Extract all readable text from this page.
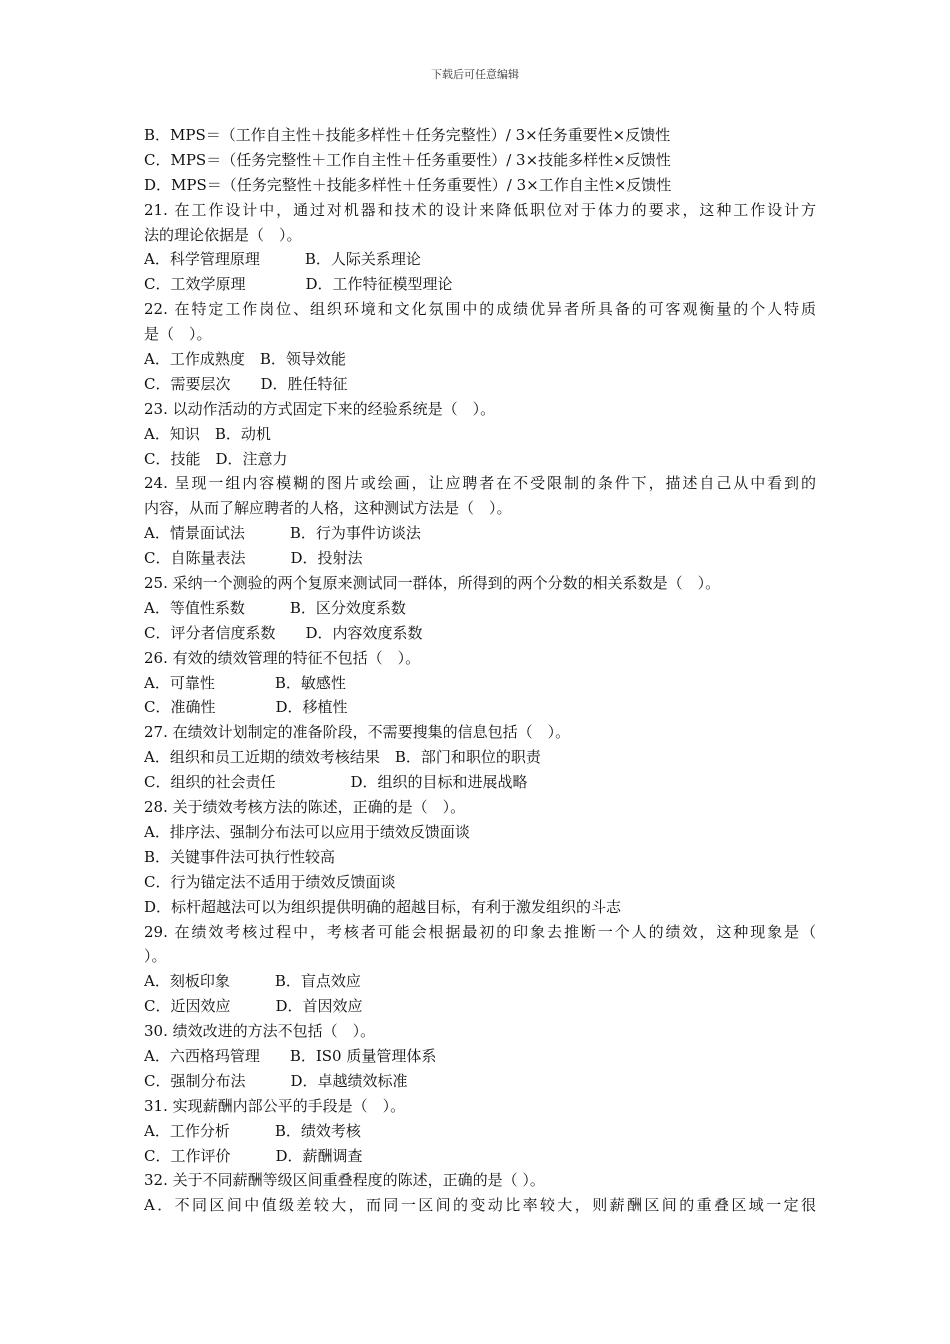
下载后可任意编辑
B．MPS＝（工作自主性＋技能多样性＋任务完整性）/ 3×任务重要性×反馈性
C．MPS＝（任务完整性＋工作自主性＋任务重要性）/ 3×技能多样性×反馈性
D．MPS＝（任务完整性＋技能多样性＋任务重要性）/ 3×工作自主性×反馈性
21. 在工作设计中，通过对机器和技术的设计来降低职位对于体力的要求，这种工作设计方
法的理论依据是（　）。
A．科学管理原理　　　B．人际关系理论
C．工效学原理　　　　D．工作特征模型理论
22. 在特定工作岗位、组织环境和文化氛围中的成绩优异者所具备的可客观衡量的个人特质
是（　）。
A．工作成熟度　B．领导效能
C．需要层次　　D．胜任特征
23. 以动作活动的方式固定下来的经验系统是（　）。
A．知识　B．动机
C．技能　D．注意力
24. 呈现一组内容模糊的图片或绘画，让应聘者在不受限制的条件下，描述自己从中看到的
内容，从而了解应聘者的人格，这种测试方法是（　）。
A．情景面试法　　　B．行为事件访谈法
C．自陈量表法　　　D．投射法
25. 采纳一个测验的两个复原来测试同一群体，所得到的两个分数的相关系数是（　）。
A．等值性系数　　　B．区分效度系数
C．评分者信度系数　　D．内容效度系数
26. 有效的绩效管理的特征不包括（　）。
A．可靠性　　　　B．敏感性
C．准确性　　　　D．移植性
27. 在绩效计划制定的准备阶段，不需要搜集的信息包括（　）。
A．组织和员工近期的绩效考核结果　B．部门和职位的职责
C．组织的社会责任　　　　　D．组织的目标和进展战略
28. 关于绩效考核方法的陈述，正确的是（　）。
A．排序法、强制分布法可以应用于绩效反馈面谈
B．关键事件法可执行性较高
C．行为锚定法不适用于绩效反馈面谈
D．标杆超越法可以为组织提供明确的超越目标，有利于激发组织的斗志
29. 在绩效考核过程中，考核者可能会根据最初的印象去推断一个人的绩效，这种现象是（
）。
A．刻板印象　　　B．盲点效应
C．近因效应　　　D．首因效应
30. 绩效改进的方法不包括（　）。
A．六西格玛管理　　B．IS0 质量管理体系
C．强制分布法　　　D．卓越绩效标准
31. 实现薪酬内部公平的手段是（　）。
A．工作分析　　　B．绩效考核
C．工作评价　　　D．薪酬调查
32. 关于不同薪酬等级区间重叠程度的陈述，正确的是（ ）。
A．不同区间中值级差较大，而同一区间的变动比率较大，则薪酬区间的重叠区域一定很
